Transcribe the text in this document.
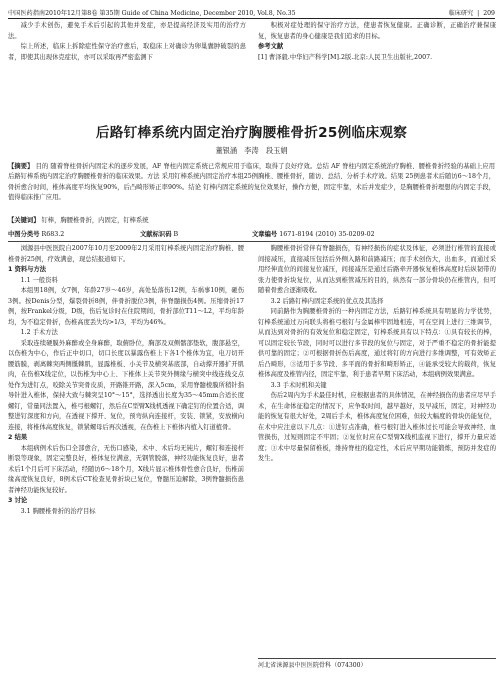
中国医药指南2010年12月第8卷 第35期 Guide of China Medicine, December 2010, Vol.8, No.35	临床研究  |  209

减少手术创伤，避免手术后引起的其他并发症，亦是提高经济及实用的治疗方法。

综上所述，临床上拆除症性保守治疗愈后，取稳床上对确诊为卵巢囊肿破裂的患者，即使其出现休克症状，亦可以采取再严密监测下

积极对症处理的保守治疗方法，使患者恢复健康。正确诊断，正确治疗兼保康复，恢复患者的身心健康是我们追求的目标。

参考文献

[1] 曹泽毅.中华妇产科学[M].2版.北京:人民卫生出版社,2007.

后路钉棒系统内固定治疗胸腰椎骨折25例临床观察
董银涵 李涛 段玉娟
【摘要】 目的 随着脊柱骨折内固定术的逐步发展，AF 脊柱内固定系统已常规应用于临床，取得了良好疗效。总结 AF 脊柱内固定系统治疗胸椎、腰椎骨折经验的基础上应用后路钉棒系统内固定治疗胸腰椎骨折的临床效果。方法 采用钉棒系统内固定治疗本组25例胸椎、腰椎骨折，随访、总结、分析手术疗效。结果 25例患者术后随访6～18个月，骨折愈合时间，椎体高度平均恢复90%，后凸畸形矫正率90%。结论 钉棒内固定系统的复位效果好，操作方便，固定牢靠，术后并发症少，是胸腰椎骨折理想的内固定手段，值得临床推广应用。
【关键词】 钉棒，胸腰椎骨折，内固定，钉棒系统
中图分类号 R683.2	文献标识码 B	文章编号 1671-8194 (2010) 35-0209-02

浏源县中医医院自2007年10月至2009年2月采用钉棒系统内固定治疗胸椎、腰椎骨折25例，疗效满意，现总结报道如下。

1 资料与方法

1.1 一般资料

本组男18例，女7例，年龄27岁～46岁，高处坠落伤12例，车祸事10例，砸伤3例。按Denis分型，爆裂骨折8例，伴骨折脱位3例，伴脊髓损伤4例。压缩骨折17例，按Frankel分级，D级，伤后复诊时在住院期间，骨折部位T11～L2，平均年龄均，为不稳定骨折，伤椎高度丢失均>1/3，平均为46%。

1.2 手术方法

采取连续硬膜外麻醉或全身麻醉，取俯卧位，胸部及双侧髂部垫软，腹部悬空，以伤椎为中心，作后正中切口，切口长度以暴露伤椎上下各1个椎体为宜，电刀切开腰筋膜，剥离棘突两侧骶棘肌，显露椎板、小关节及横突基底部，自动撑开器扩开肌肉，在伤椎X线定位，以伤椎为中心上、下椎体上关节突外侧缘与横突中线连线交点处作为进钉点，咬除关节突骨皮质，开路锥开路，深入5cm，采用脊髓棱膜所稍针指导针进入椎体，保持大致与棘突呈10°～15°，选择透出长度为35～45mm合适长度螺钉，常量同法置入，椎弓根螺钉，然后在C型臂X线机透视下确定钉的位置合适，调整进钉深度和方向，在透视下撑开、复位，预弯纵向连接杆，安装、锁紧，安放横向连接，将椎体高度恢复，锁紧螺母后再次透视，在伤椎上下椎体内植入钉道植骨。

2 结果

本组病例术后伤口全部愈合，无伤口感染，术中、术后均无钝片，螺钉和连接杆断裂等现象，固定完整良好，椎体复位满意，无钢管脱落，神经功能恢复良好，患者术后1个月后可下床活动，经随访6～18个月，X线片显示椎体骨性愈合良好，伤椎前缘高度恢复良好，8例术后CT检查见骨折块已复位，脊髓压迫解除，3例脊髓损伤患者神经功能恢复较好。

3 讨论

3.1 胸腰椎骨折的治疗目标

胸腰椎骨折常伴有脊髓损伤，有神经损伤的症状及体征，必须进行椎管的直接或间接减压，直接减压包括后外侧入路和前路减压；而手术创伤大，出血多，而通过采用经伸直位的间接复位减压，间接减压是通过后路牵开器恢复椎体高度时后纵韧带的张力使骨折块复位，从而达到椎管减压的目的，纵然有一部分骨块仍在椎管内，但可随着骨愈合逐渐吸收。

3.2 后路钉棒内固定系统的优点及其选择

同前路作为胸腰椎骨折的一种内固定方法，后路钉棒系统具有明显的力学优势，钉棒系统通过万向联头将椎弓根钉与金属棒牢固地相连，可在空间上进行三维调节，从而达到对骨折的有效复位和稳定固定，钉棒系统具有以下特点：①具有较长的棒，可以固定较长节段，同时可以进行多节段的复位与固定，对于严重不稳定的骨折能提供可靠的固定；②可根据骨折伤后高度，通过将钉的方向进行多维调整，可有效矫正后凸畸形，③适用于多节段、多平面的骨折和畸形矫正，④能承受较大的载荷，恢复椎体高度及椎管内径，固定牢靠，利于患者早期下床活动，本组病例效果满意。

3.3 手术时机和关键

伤后2周内为手术最佳时机，应根据患者的具体情况，在神经损伤的患者应尽早手术，在生命体征稳定的情况下，应争取时间，越早越好，及早减压，固定，对神经功能的恢复有很大好处，2周后手术，椎体高度复位困难，但较大幅度的骨块仍能复位，在术中应注意以下几点：①进钉点准确，椎弓根钉进入椎体过长可能会导致神经、血管损伤，过短则固定不牢固；②复位时应在C型臂X线机监视下进行，撑开力量应适度；③术中尽量保留椎板，维持脊柱的稳定性，术后应早期功能锻炼，预防并发症的发生。

河北省涞源县中医医院骨科（074300）
